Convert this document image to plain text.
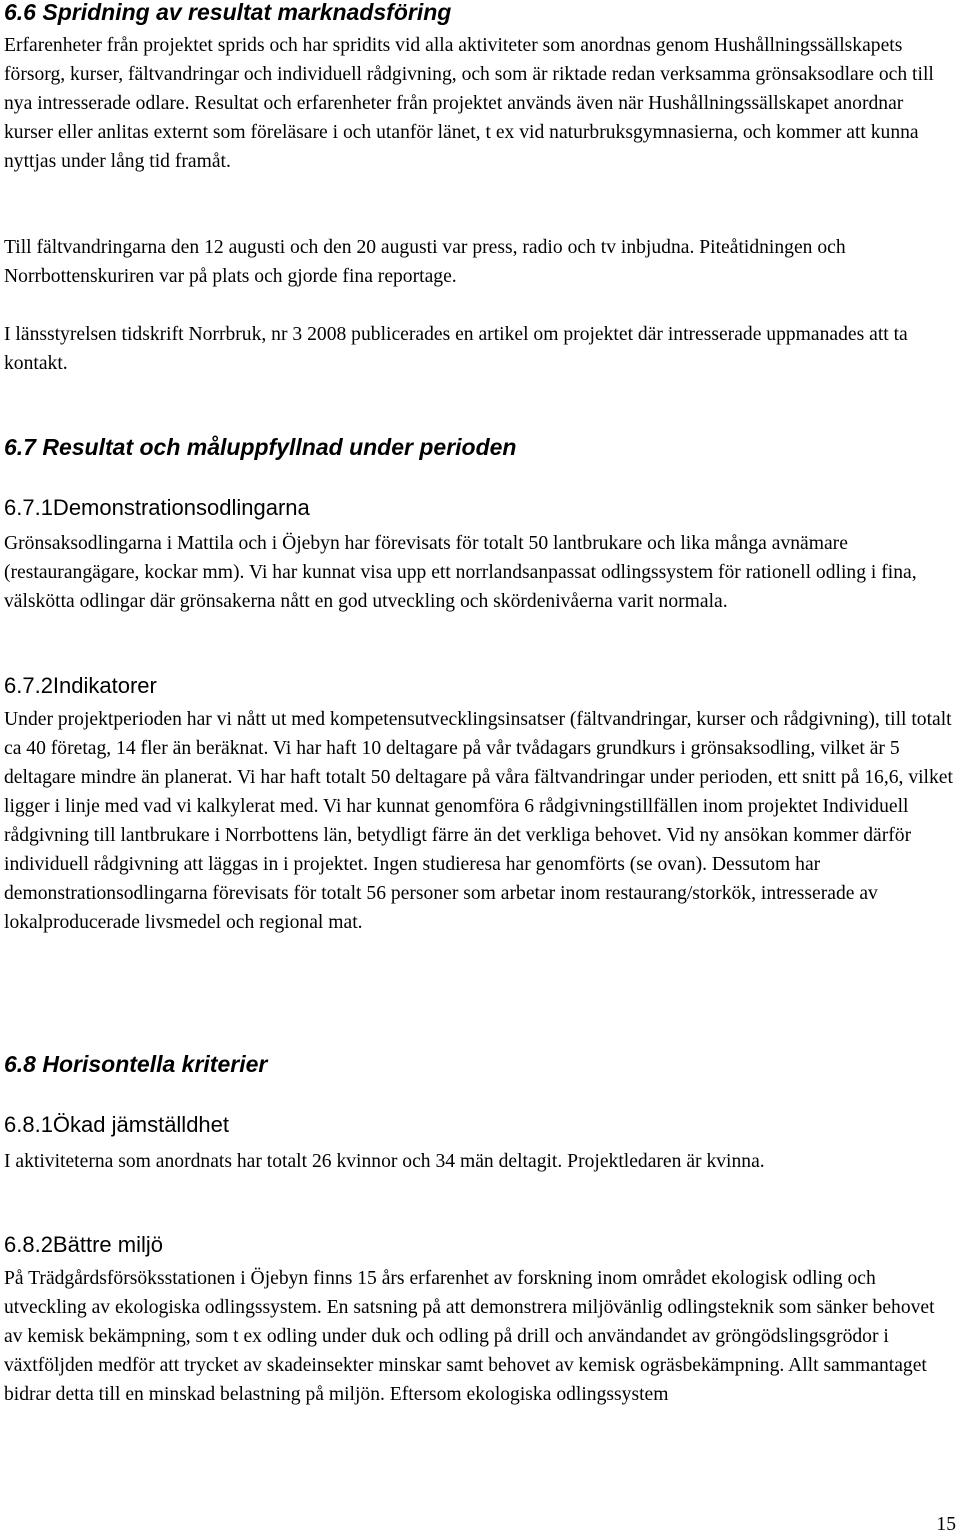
6.6 Spridning av resultat marknadsföring

Erfarenheter från projektet sprids och har spridits vid alla aktiviteter som anordnas genom Hushållningssällskapets försorg, kurser, fältvandringar och individuell rådgivning, och som är riktade redan verksamma grönsaksodlare och till nya intresserade odlare. Resultat och erfarenheter från projektet används även när Hushållningssällskapet anordnar kurser eller anlitas externt som föreläsare i och utanför länet, t ex vid naturbruksgymnasierna, och kommer att kunna nyttjas under lång tid framåt.

Till fältvandringarna den 12 augusti och den 20 augusti var press, radio och tv inbjudna. Piteåtidningen och Norrbottenskuriren var på plats och gjorde fina reportage.

I länsstyrelsen tidskrift Norrbruk, nr 3 2008 publicerades en artikel om projektet där intresserade uppmanades att ta kontakt.

6.7 Resultat och måluppfyllnad under perioden
6.7.1Demonstrationsodlingarna

Grönsaksodlingarna i Mattila och i Öjebyn har förevisats för totalt 50 lantbrukare och lika många avnämare (restaurangägare, kockar mm). Vi har kunnat visa upp ett norrlandsanpassat odlingssystem för rationell odling i fina, välskötta odlingar där grönsakerna nått en god utveckling och skördenivåerna varit normala.

6.7.2Indikatorer

Under projektperioden har vi nått ut med kompetensutvecklingsinsatser (fältvandringar, kurser och rådgivning), till totalt ca 40 företag, 14 fler än beräknat. Vi har haft 10 deltagare på vår tvådagars grundkurs i grönsaksodling, vilket är 5 deltagare mindre än planerat. Vi har haft totalt 50 deltagare på våra fältvandringar under perioden, ett snitt på 16,6, vilket ligger i linje med vad vi kalkylerat med. Vi har kunnat genomföra 6 rådgivningstillfällen inom projektet Individuell rådgivning till lantbrukare i Norrbottens län, betydligt färre än det verkliga behovet. Vid ny ansökan kommer därför individuell rådgivning att läggas in i projektet. Ingen studieresa har genomförts (se ovan). Dessutom har demonstrationsodlingarna förevisats för totalt 56 personer som arbetar inom restaurang/storkök, intresserade av lokalproducerade livsmedel och regional mat.

6.8 Horisontella kriterier
6.8.1Ökad jämställdhet

I aktiviteterna som anordnats har totalt 26 kvinnor och 34 män deltagit. Projektledaren är kvinna.

6.8.2Bättre miljö

På Trädgårdsförsöksstationen i Öjebyn finns 15 års erfarenhet av forskning inom området ekologisk odling och utveckling av ekologiska odlingssystem. En satsning på att demonstrera miljövänlig odlingsteknik som sänker behovet av kemisk bekämpning, som t ex odling under duk och odling på drill och användandet av gröngödslingsgrödor i växtföljden medför att trycket av skadeinsekter minskar samt behovet av kemisk ogräsbekämpning. Allt sammantaget bidrar detta till en minskad belastning på miljön. Eftersom ekologiska odlingssystem

15
